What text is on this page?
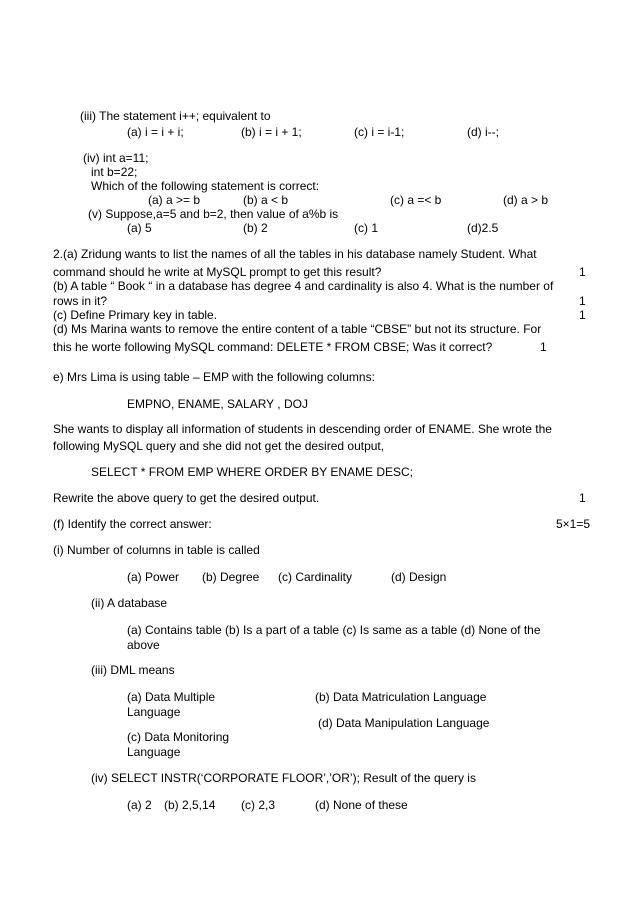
(iii) The statement i++; equivalent to
(a) i = i + i;	(b) i = i + 1;	(c) i = i-1;	(d) i--;
(iv) int a=11;
int b=22;
Which of the following statement is correct:
(a) a >= b	(b) a < b	(c) a =< b	(d) a > b
(v) Suppose,a=5 and b=2, then value of a%b is
(a) 5	(b) 2	(c) 1	(d)2.5
2.(a) Zridung wants to list the names of all the tables in his database namely Student. What
command should he write at MySQL prompt to get this result?	1
(b) A table “ Book “ in a database has degree 4 and cardinality is also 4. What is the number of
rows in it?	1
(c) Define Primary key in table.	1
(d) Ms Marina wants to remove the entire content of a table “CBSE” but not its structure. For
this he worte following MySQL command: DELETE * FROM CBSE; Was it correct?	1
e) Mrs Lima is using table – EMP with the following columns:
EMPNO, ENAME, SALARY , DOJ
She wants to display all information of students in descending order of ENAME. She wrote the
following MySQL query and she did not get the desired output,
SELECT * FROM EMP WHERE ORDER BY ENAME DESC;
Rewrite the above query to get the desired output.	1
(f) Identify the correct answer:	5×1=5
(i) Number of columns in table is called
(a) Power (b) Degree (c) Cardinality	(d) Design
(ii) A database
(a) Contains table (b) Is a part of a table (c) Is same as a table (d) None of the
above
(iii) DML means
(a) Data Multiple
Language
(b) Data Matriculation Language
(d) Data Manipulation Language
(c) Data Monitoring
Language
(iv) SELECT INSTR(‘CORPORATE FLOOR’,’OR’); Result of the query is
(a) 2 (b) 2,5,14 (c) 2,3	(d) None of these
